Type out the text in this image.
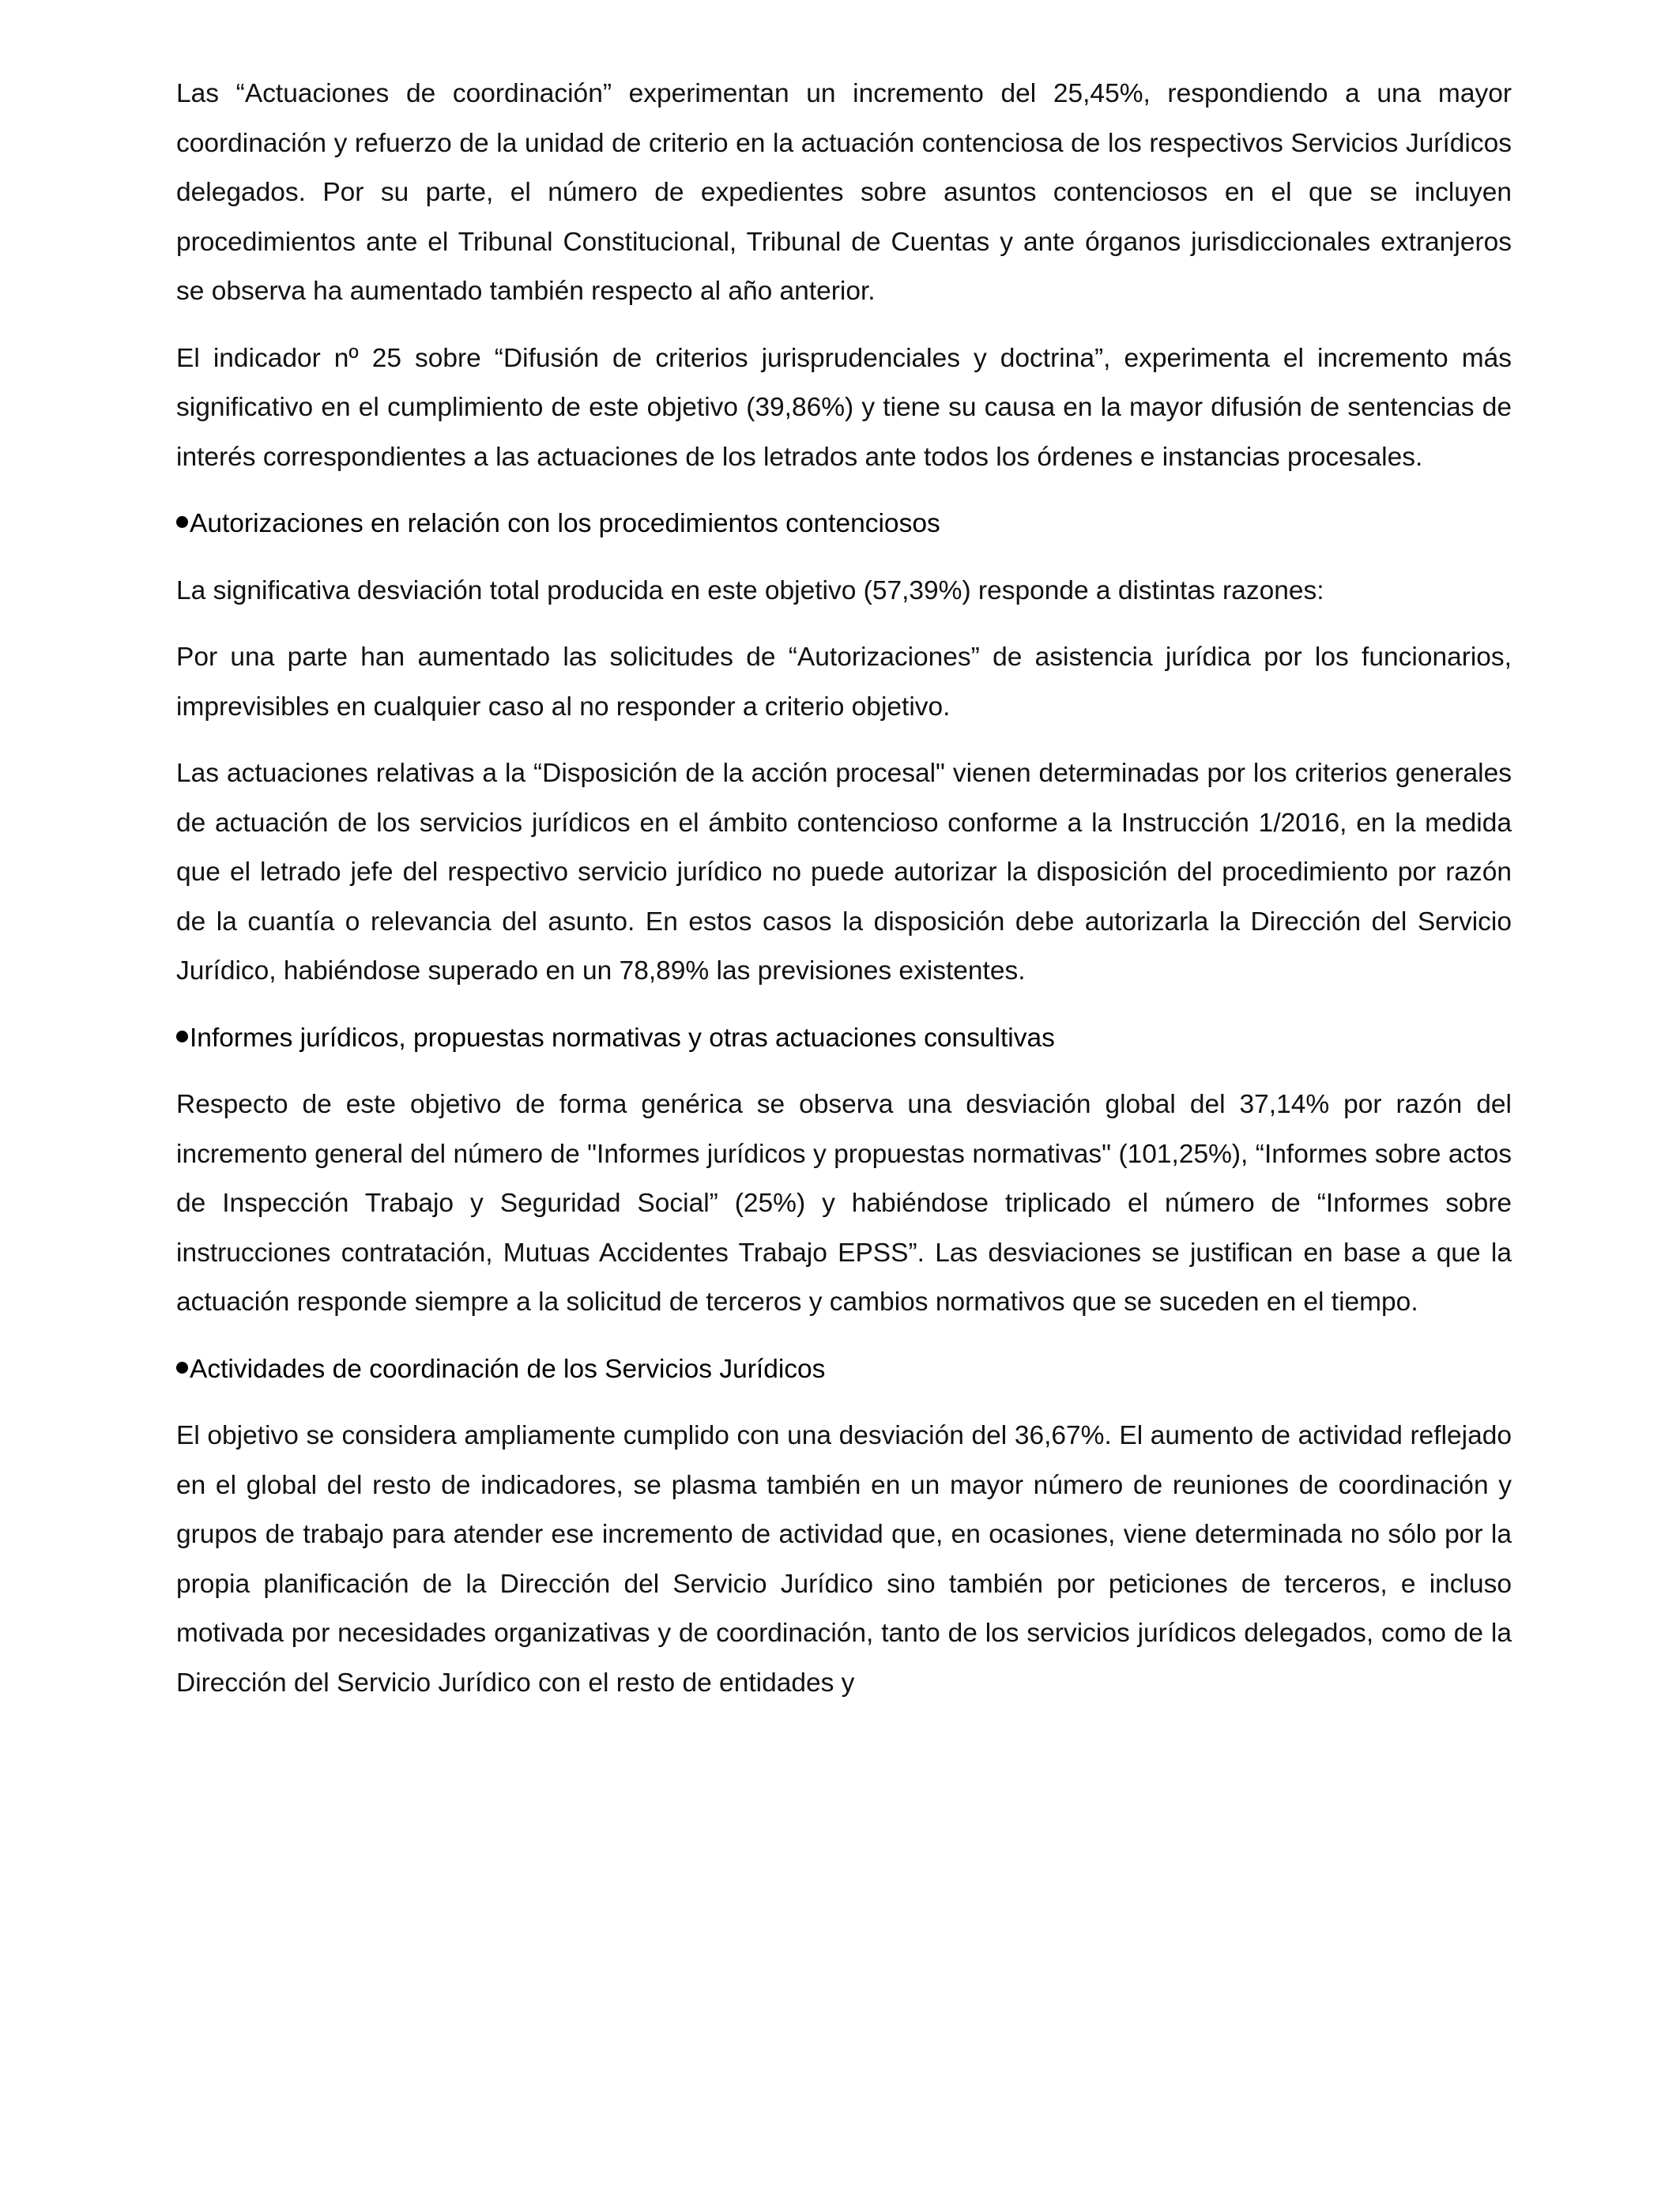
Las “Actuaciones de coordinación” experimentan un incremento del 25,45%, respondiendo a una mayor coordinación y refuerzo de la unidad de criterio en la actuación contenciosa de los respectivos Servicios Jurídicos delegados. Por su parte, el número de expedientes sobre asuntos contenciosos en el que se incluyen procedimientos ante el Tribunal Constitucional, Tribunal de Cuentas y ante órganos jurisdiccionales extranjeros se observa ha aumentado también respecto al año anterior.

El indicador nº 25 sobre “Difusión de criterios jurisprudenciales y doctrina”, experimenta el incremento más significativo en el cumplimiento de este objetivo (39,86%) y tiene su causa en la mayor difusión de sentencias de interés correspondientes a las actuaciones de los letrados ante todos los órdenes e instancias procesales.

Autorizaciones en relación con los procedimientos contenciosos

La significativa desviación total producida en este objetivo (57,39%) responde a distintas razones:

Por una parte han aumentado las solicitudes de “Autorizaciones” de asistencia jurídica por los funcionarios, imprevisibles en cualquier caso al no responder a criterio objetivo.

Las actuaciones relativas a la “Disposición de la acción procesal" vienen determinadas por los criterios generales de actuación de los servicios jurídicos en el ámbito contencioso conforme a la Instrucción 1/2016, en la medida que el letrado jefe del respectivo servicio jurídico no puede autorizar la disposición del procedimiento por razón de la cuantía o relevancia del asunto. En estos casos la disposición debe autorizarla la Dirección del Servicio Jurídico, habiéndose superado en un 78,89% las previsiones existentes.

Informes jurídicos, propuestas normativas y otras actuaciones consultivas

Respecto de este objetivo de forma genérica se observa una desviación global del 37,14% por razón del incremento general del número de "Informes jurídicos y propuestas normativas" (101,25%), “Informes sobre actos de Inspección Trabajo y Seguridad Social” (25%) y habiéndose triplicado el número de “Informes sobre instrucciones contratación, Mutuas Accidentes Trabajo EPSS”. Las desviaciones se justifican en base a que la actuación responde siempre a la solicitud de terceros y cambios normativos que se suceden en el tiempo.

Actividades de coordinación de los Servicios Jurídicos

El objetivo se considera ampliamente cumplido con una desviación del 36,67%. El aumento de actividad reflejado en el global del resto de indicadores, se plasma también en un mayor número de reuniones de coordinación y grupos de trabajo para atender ese incremento de actividad que, en ocasiones, viene determinada no sólo por la propia planificación de la Dirección del Servicio Jurídico sino también por peticiones de terceros, e incluso motivada por necesidades organizativas y de coordinación, tanto de los servicios jurídicos delegados, como de la Dirección del Servicio Jurídico con el resto de entidades y
